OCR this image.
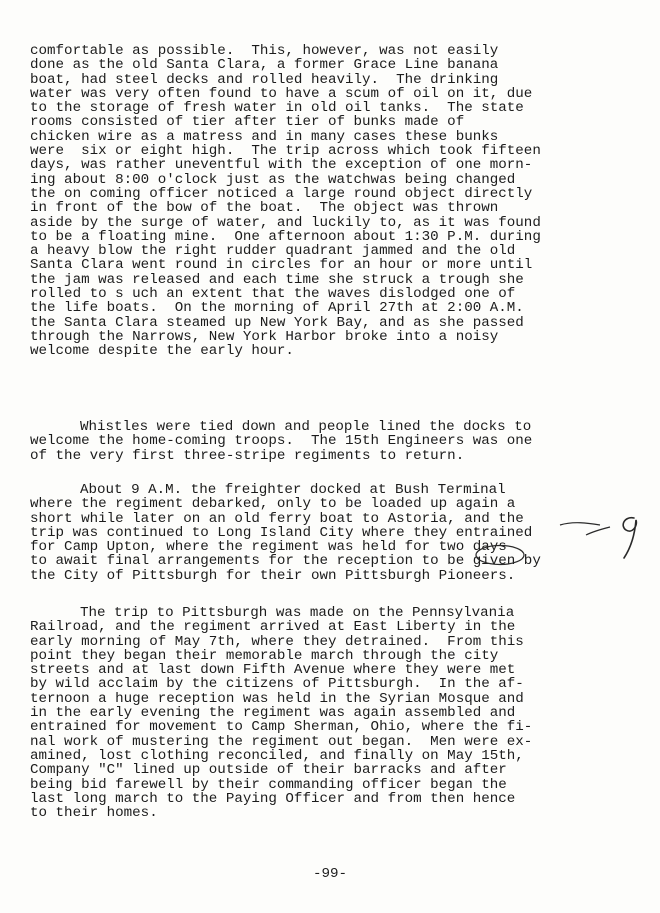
comfortable as possible.  This, however, was not easily
done as the old Santa Clara, a former Grace Line banana
boat, had steel decks and rolled heavily.  The drinking
water was very often found to have a scum of oil on it, due
to the storage of fresh water in old oil tanks.  The state
rooms consisted of tier after tier of bunks made of
chicken wire as a matress and in many cases these bunks
were  six or eight high.  The trip across which took fifteen
days, was rather uneventful with the exception of one morn-
ing about 8:00 o'clock just as the watchwas being changed
the on coming officer noticed a large round object directly
in front of the bow of the boat.  The object was thrown
aside by the surge of water, and luckily to, as it was found
to be a floating mine.  One afternoon about 1:30 P.M. during
a heavy blow the right rudder quadrant jammed and the old
Santa Clara went round in circles for an hour or more until
the jam was released and each time she struck a trough she
rolled to s uch an extent that the waves dislodged one of
the life boats.  On the morning of April 27th at 2:00 A.M.
the Santa Clara steamed up New York Bay, and as she passed
through the Narrows, New York Harbor broke into a noisy
welcome despite the early hour.
Whistles were tied down and people lined the docks to
welcome the home-coming troops.  The 15th Engineers was one
of the very first three-stripe regiments to return.
About 9 A.M. the freighter docked at Bush Terminal
where the regiment debarked, only to be loaded up again a
short while later on an old ferry boat to Astoria, and the
trip was continued to Long Island City where they entrained
for Camp Upton, where the regiment was held for two days
to await final arrangements for the reception to be given by
the City of Pittsburgh for their own Pittsburgh Pioneers.
The trip to Pittsburgh was made on the Pennsylvania
Railroad, and the regiment arrived at East Liberty in the
early morning of May 7th, where they detrained.  From this
point they began their memorable march through the city
streets and at last down Fifth Avenue where they were met
by wild acclaim by the citizens of Pittsburgh.  In the af-
ternoon a huge reception was held in the Syrian Mosque and
in the early evening the regiment was again assembled and
entrained for movement to Camp Sherman, Ohio, where the fi-
nal work of mustering the regiment out began.  Men were ex-
amined, lost clothing reconciled, and finally on May 15th,
Company "C" lined up outside of their barracks and after
being bid farewell by their commanding officer began the
last long march to the Paying Officer and from then hence
to their homes.
-99-
